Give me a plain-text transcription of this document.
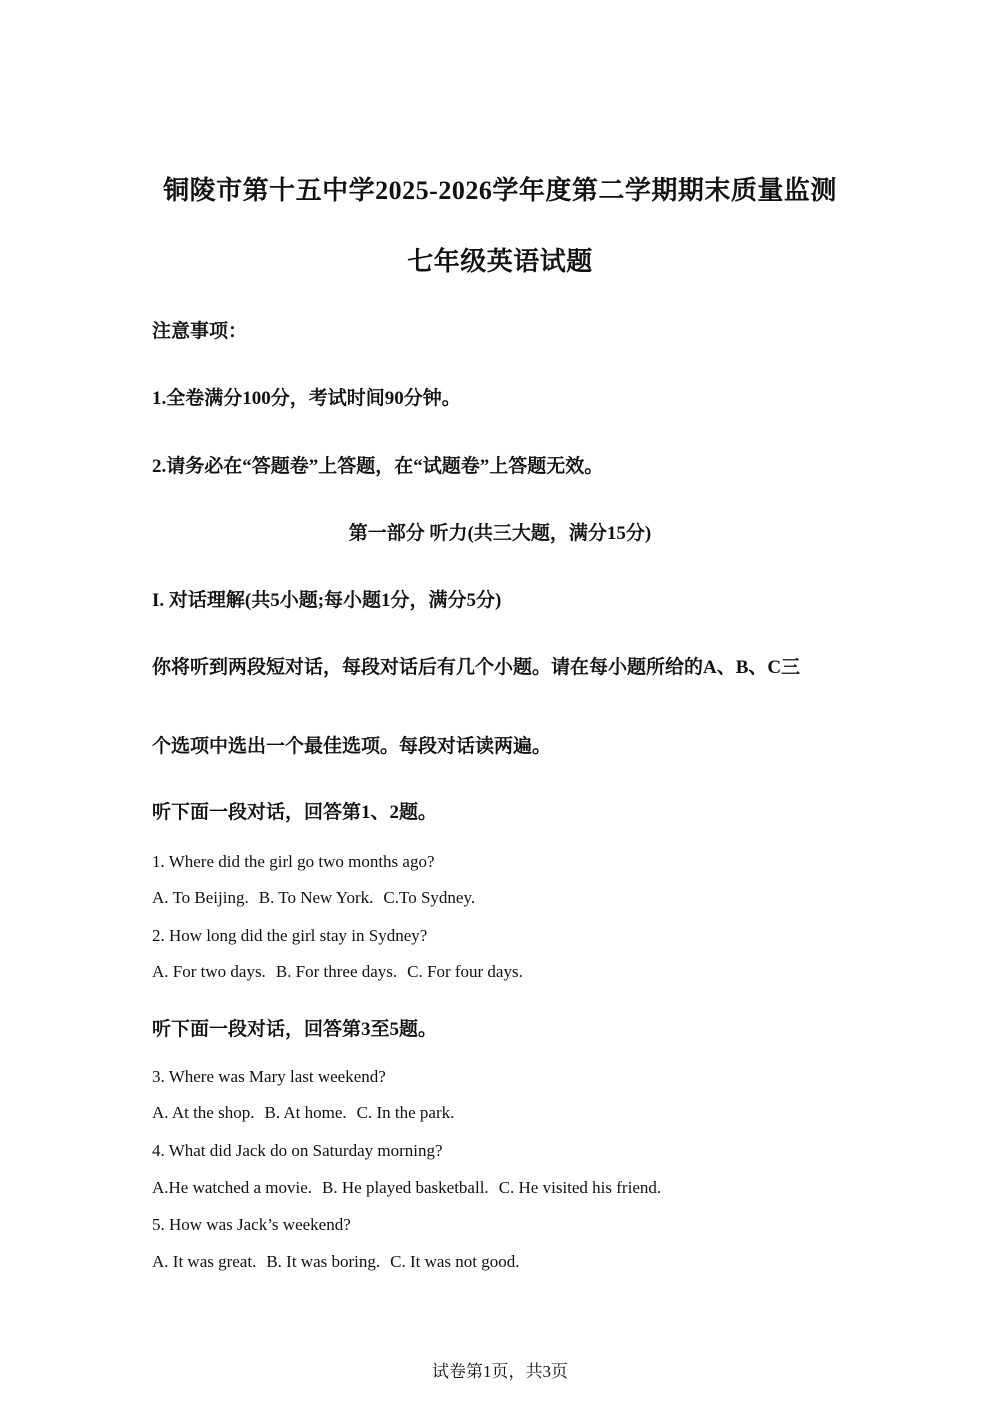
铜陵市第十五中学2025-2026学年度第二学期期末质量监测
七年级英语试题
注意事项：
1.全卷满分100分，考试时间90分钟。
2.请务必在“答题卷”上答题，在“试题卷”上答题无效。
第一部分 听力(共三大题，满分15分)
I. 对话理解(共5小题;每小题1分，满分5分)
你将听到两段短对话，每段对话后有几个小题。请在每小题所给的A、B、C三
个选项中选出一个最佳选项。每段对话读两遍。
听下面一段对话，回答第1、2题。
1. Where did the girl go two months ago?
A. To Beijing. B. To New York. C.To Sydney.
2. How long did the girl stay in Sydney?
A. For two days. B. For three days. C. For four days.
听下面一段对话，回答第3至5题。
3. Where was Mary last weekend?
A. At the shop. B. At home. C. In the park.
4. What did Jack do on Saturday morning?
A.He watched a movie. B. He played basketball. C. He visited his friend.
5. How was Jack’s weekend?
A. It was great. B. It was boring. C. It was not good.
试卷第1页，共3页
